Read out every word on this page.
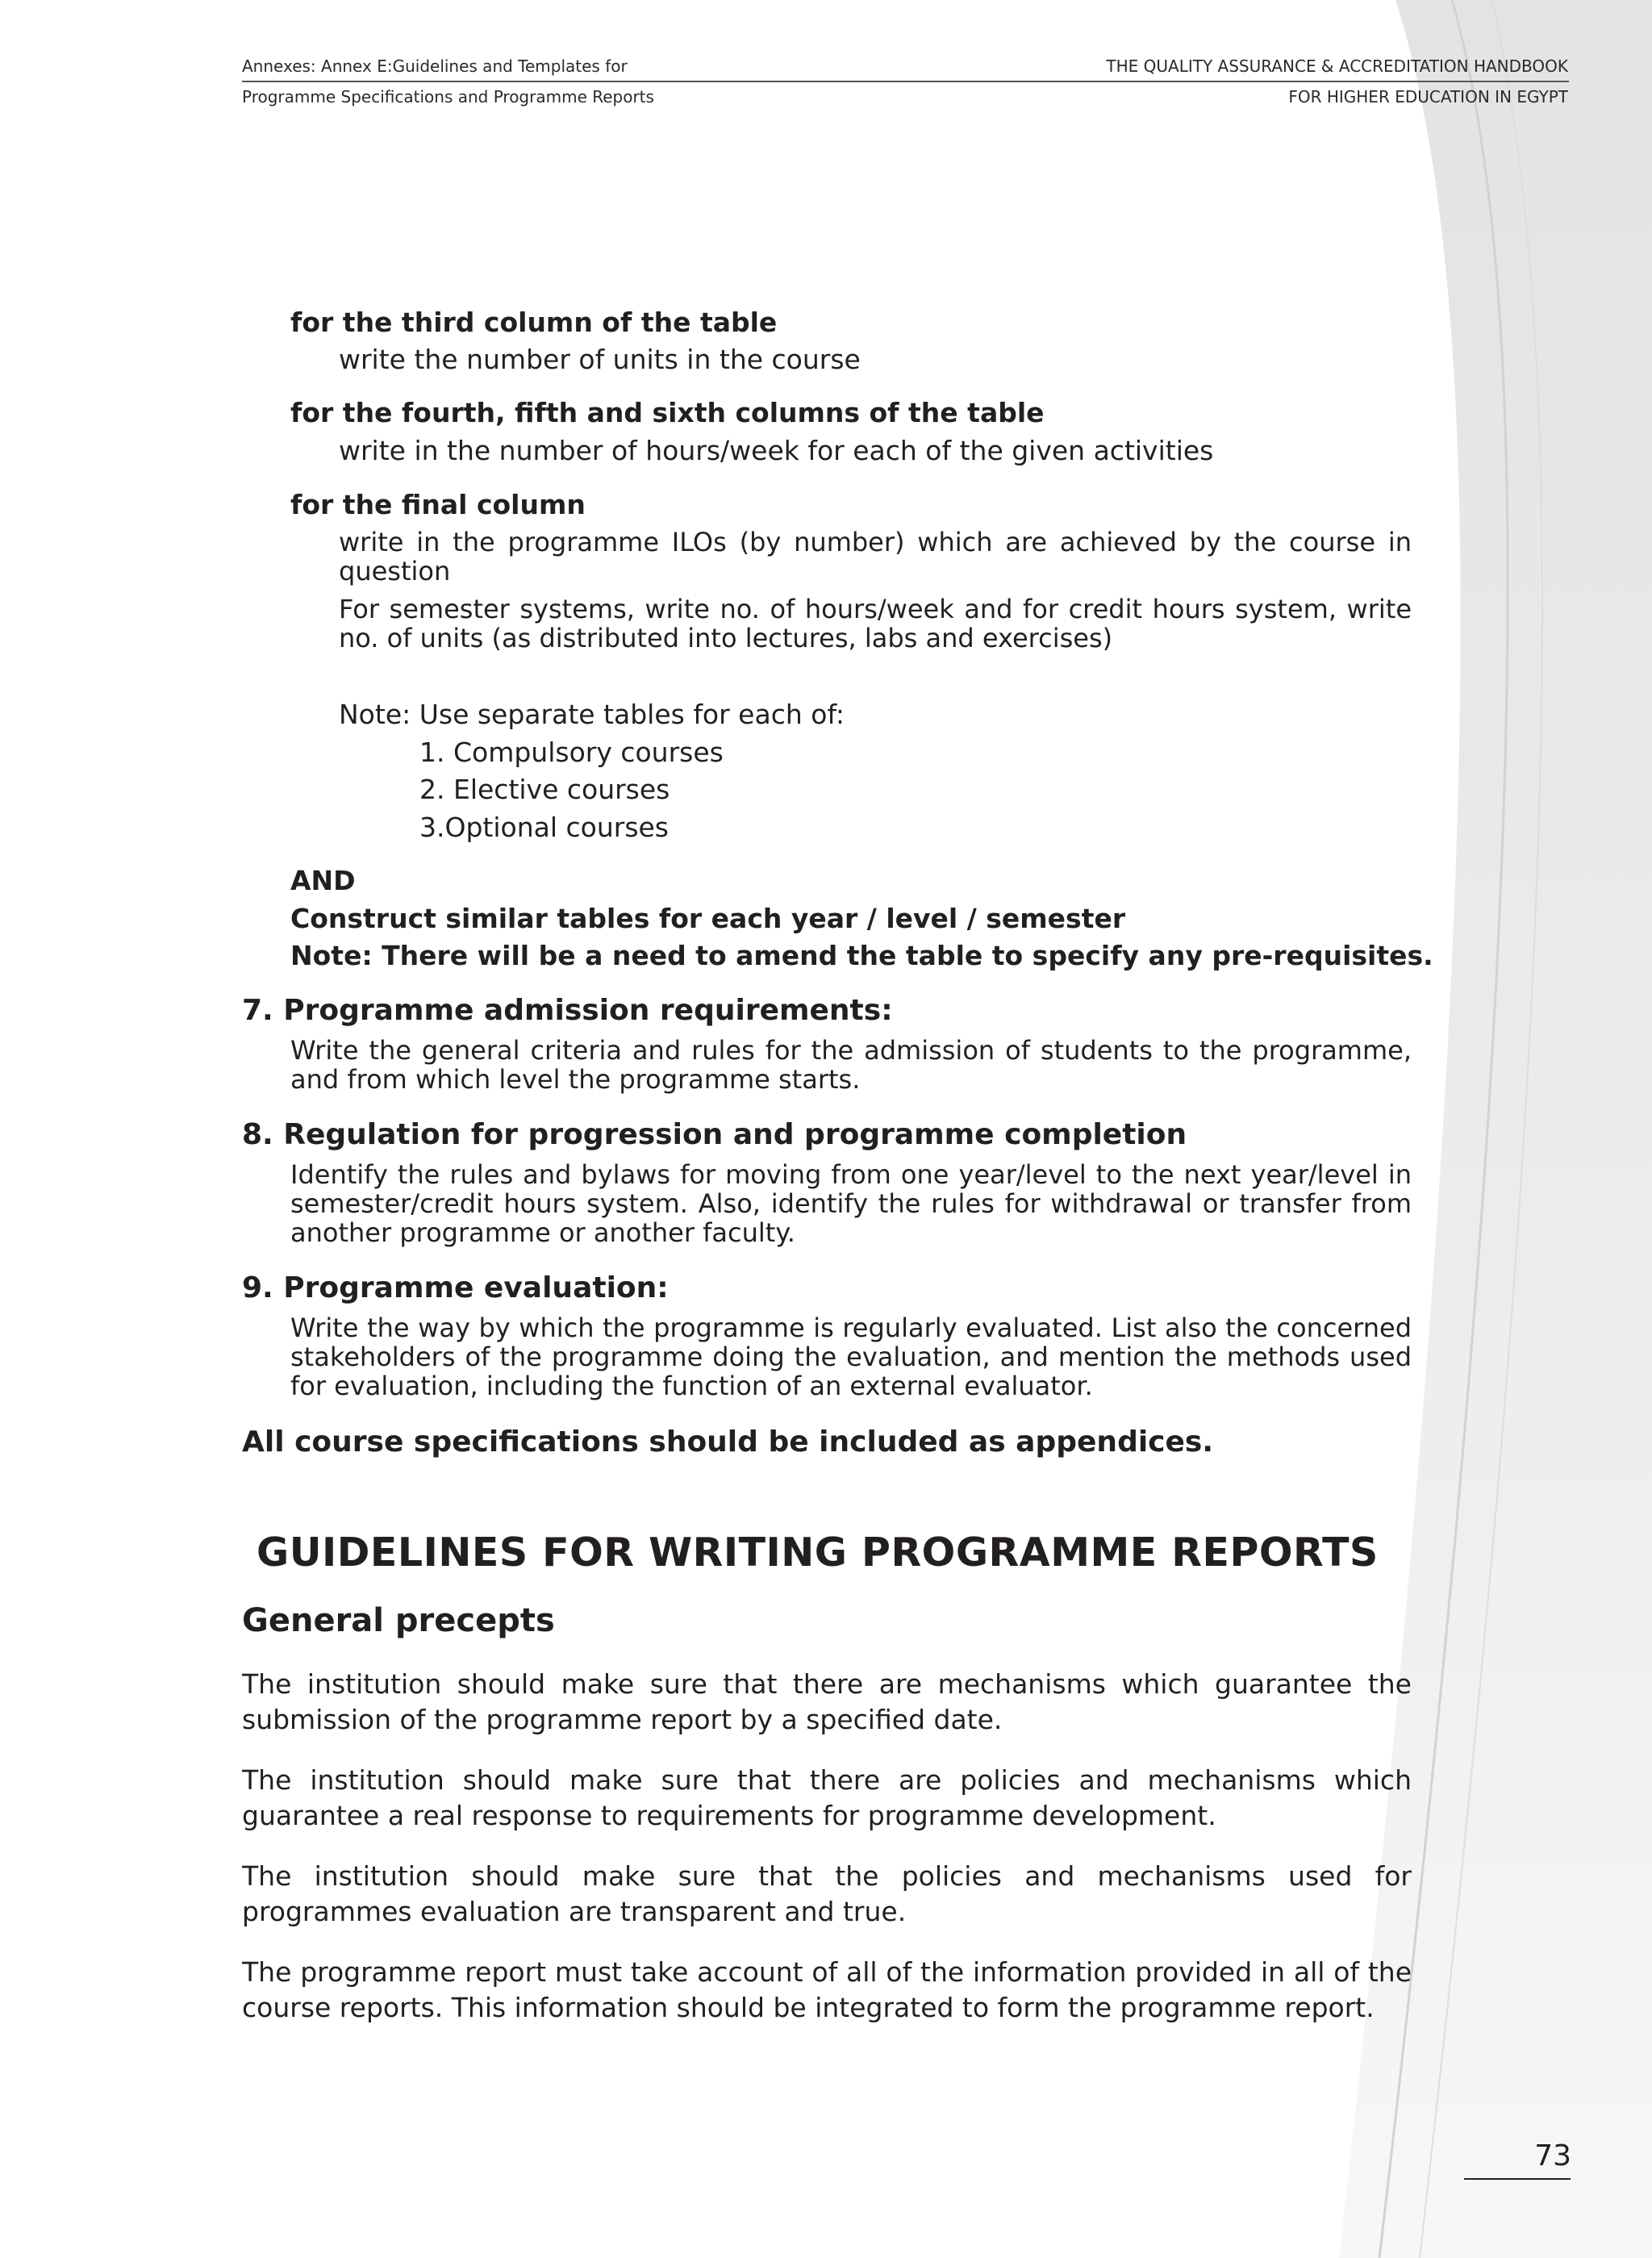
Annexes: Annex E:Guidelines and Templates for
Programme Specifications and Programme Reports
THE QUALITY ASSURANCE & ACCREDITATION HANDBOOK
FOR HIGHER EDUCATION IN EGYPT

for the third column of the table

write the number of units in the course

for the fourth, fifth and sixth columns of the table

write in the number of hours/week for each of the given activities

for the final column

write in the programme ILOs (by number) which are achieved by the course in question

For semester systems, write no. of hours/week and for credit hours system, write no. of units (as distributed into lectures, labs and exercises)

Note: Use separate tables for each of:

1. Compulsory courses

2. Elective courses

3.Optional courses

AND

Construct similar tables for each year / level / semester

Note: There will be a need to amend the table to specify any pre-requisites.

7. Programme admission requirements:

Write the general criteria and rules for the admission of students to the programme, and from which level the programme starts.

8. Regulation for progression and programme completion

Identify the rules and bylaws for moving from one year/level to the next year/level in semester/credit hours system. Also, identify the rules for withdrawal or transfer from another programme or another faculty.

9. Programme evaluation:

Write the way by which the programme is regularly evaluated. List also the concerned stakeholders of the programme doing the evaluation, and mention the methods used for evaluation, including the function of an external evaluator.

All course specifications should be included as appendices.

GUIDELINES FOR WRITING PROGRAMME REPORTS

General precepts

The institution should make sure that there are mechanisms which guarantee the submission of the programme report by a specified date.

The institution should make sure that there are policies and mechanisms which guarantee a real response to requirements for programme development.

The institution should make sure that the policies and mechanisms used for programmes evaluation are transparent and true.

The programme report must take account of all of the information provided in all of the course reports. This information should be integrated to form the programme report.

73
